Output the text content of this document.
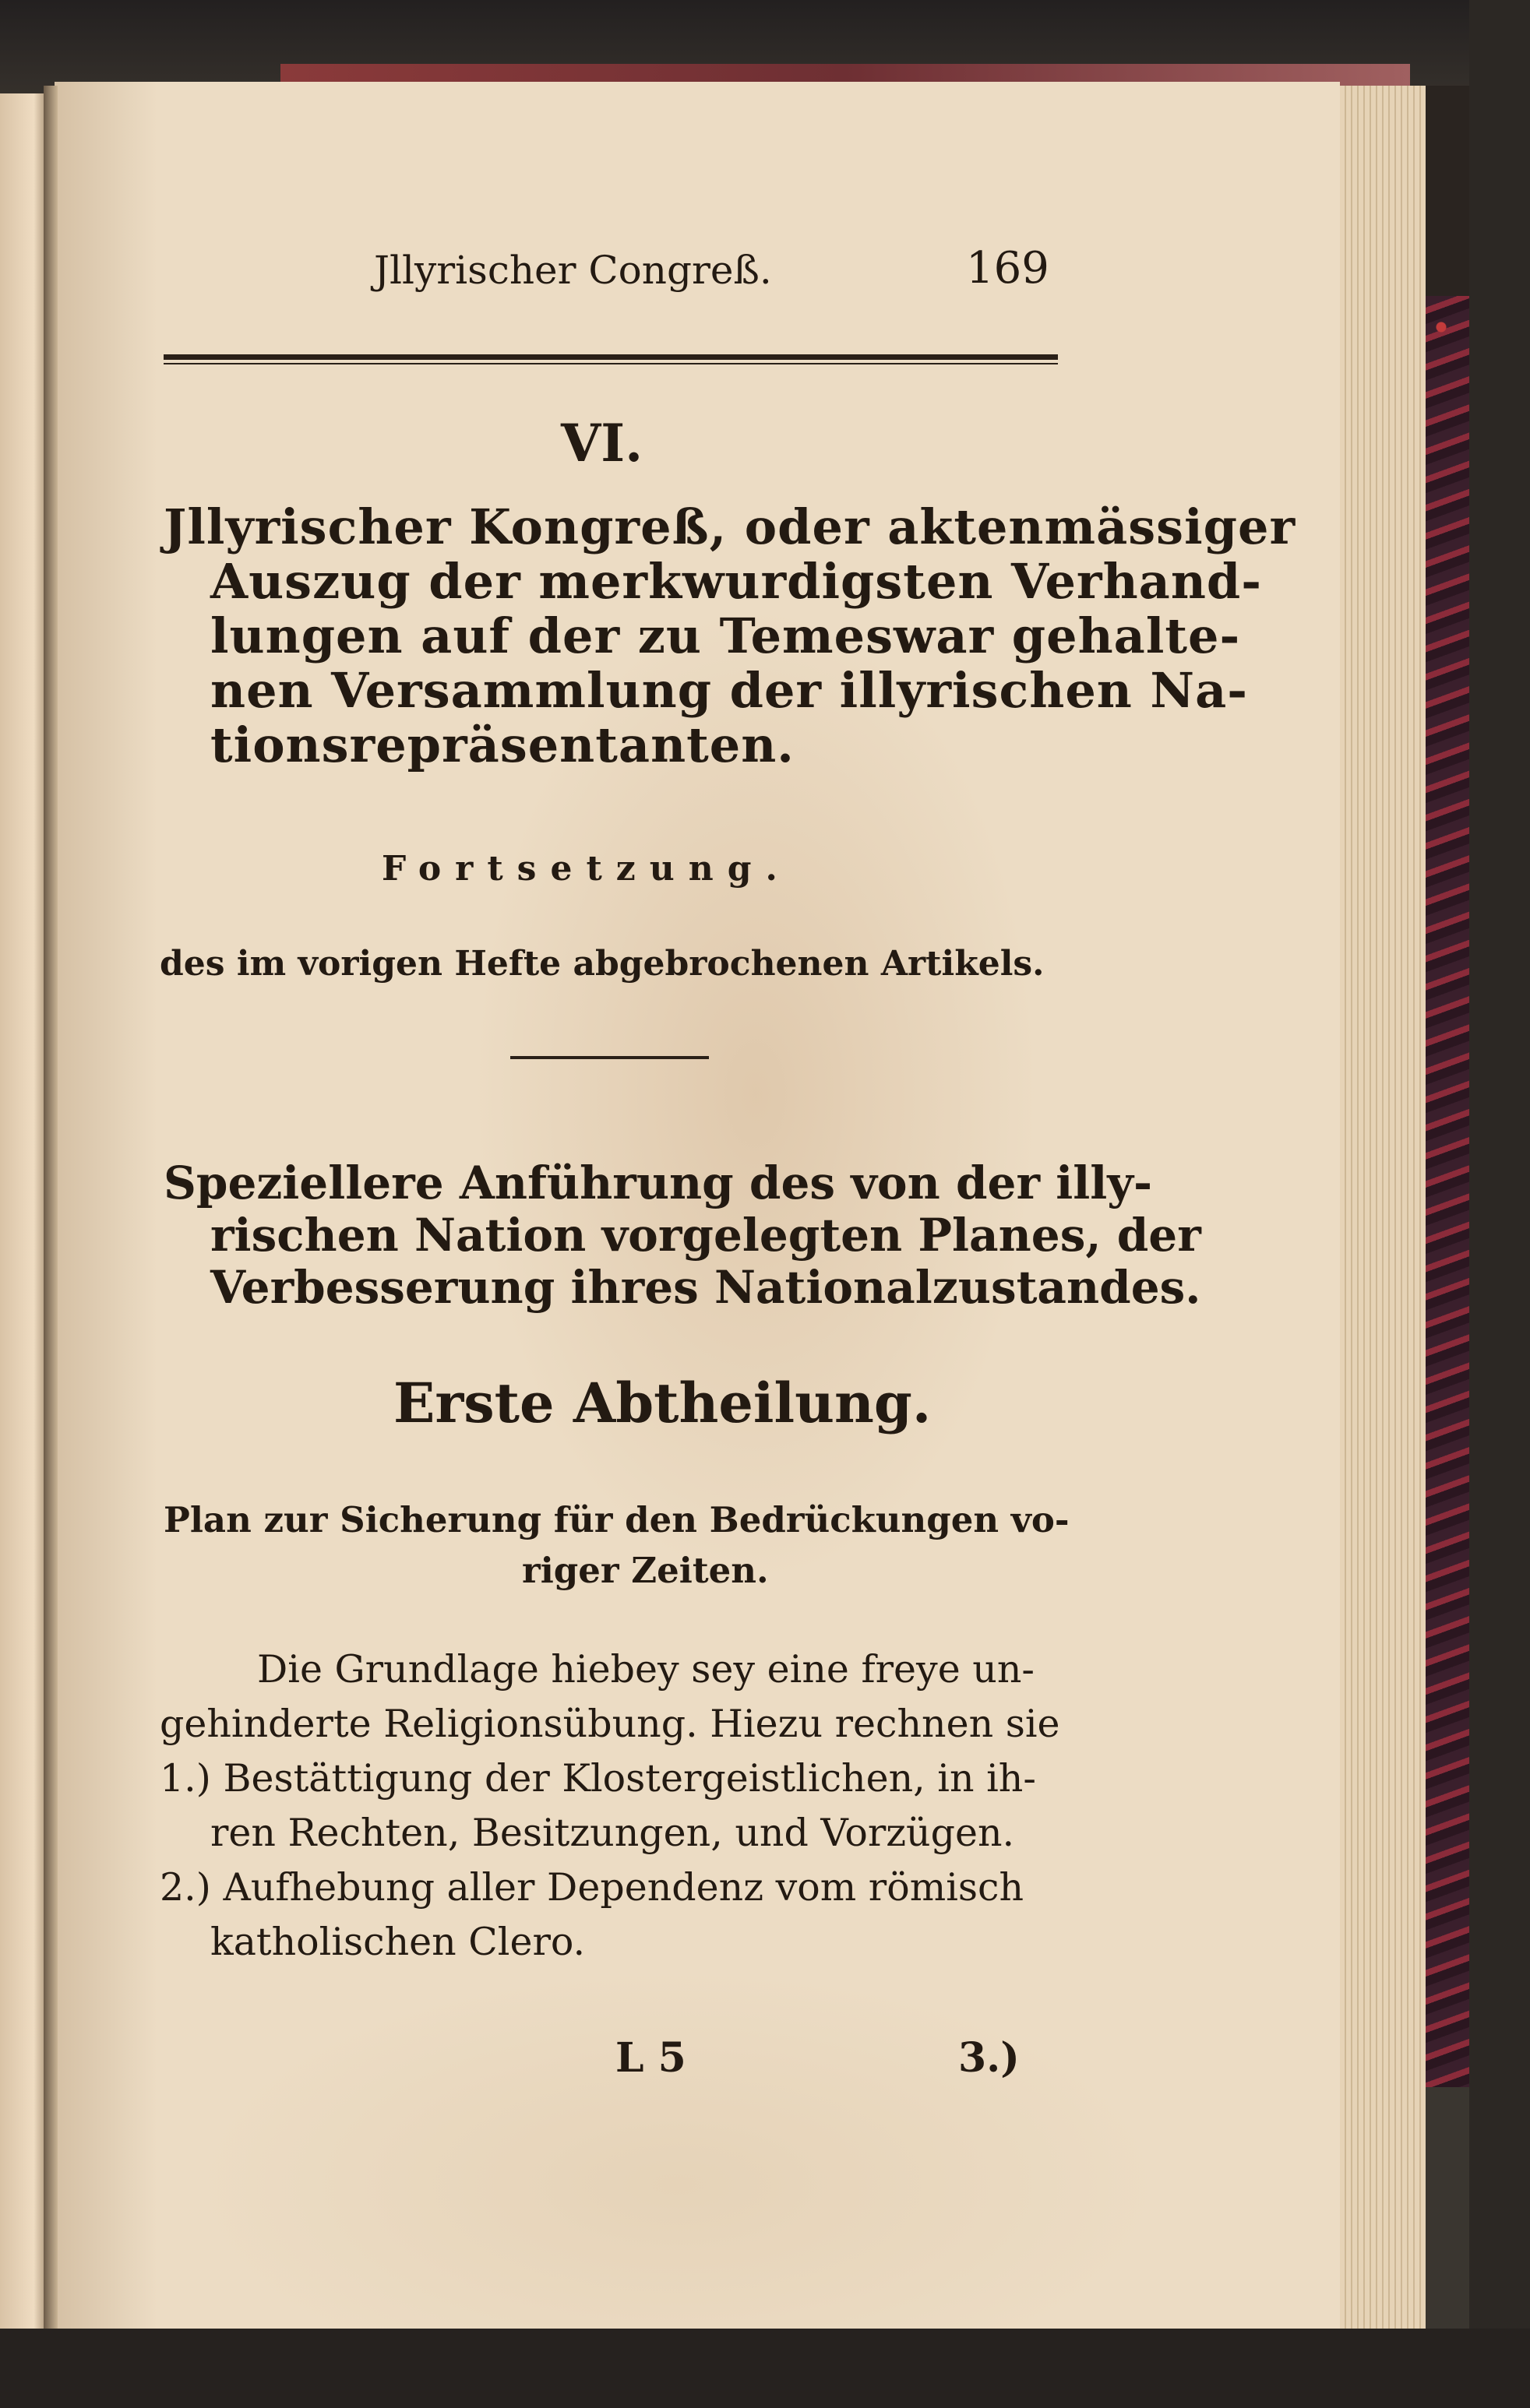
Jllyrischer Congreß.	169
VI.
Jllyrischer Kongreß, oder aktenmässiger
Auszug der merkwurdigsten Verhand-
lungen auf der zu Temeswar gehalte-
nen Versammlung der illyrischen Na-
tionsrepräsentanten.
Fortsetzung.
des im vorigen Hefte abgebrochenen Artikels.
Speziellere Anführung des von der illy-
rischen Nation vorgelegten Planes, der
Verbesserung ihres Nationalzustandes.
Erste Abtheilung.
Plan zur Sicherung für den Bedrückungen vo-
riger Zeiten.
Die Grundlage hiebey sey eine freye un-
gehinderte Religionsübung. Hiezu rechnen sie
1.) Bestättigung der Klostergeistlichen, in ih-
ren Rechten, Besitzungen, und Vorzügen.
2.) Aufhebung aller Dependenz vom römisch
katholischen Clero.
L 5	3.)
